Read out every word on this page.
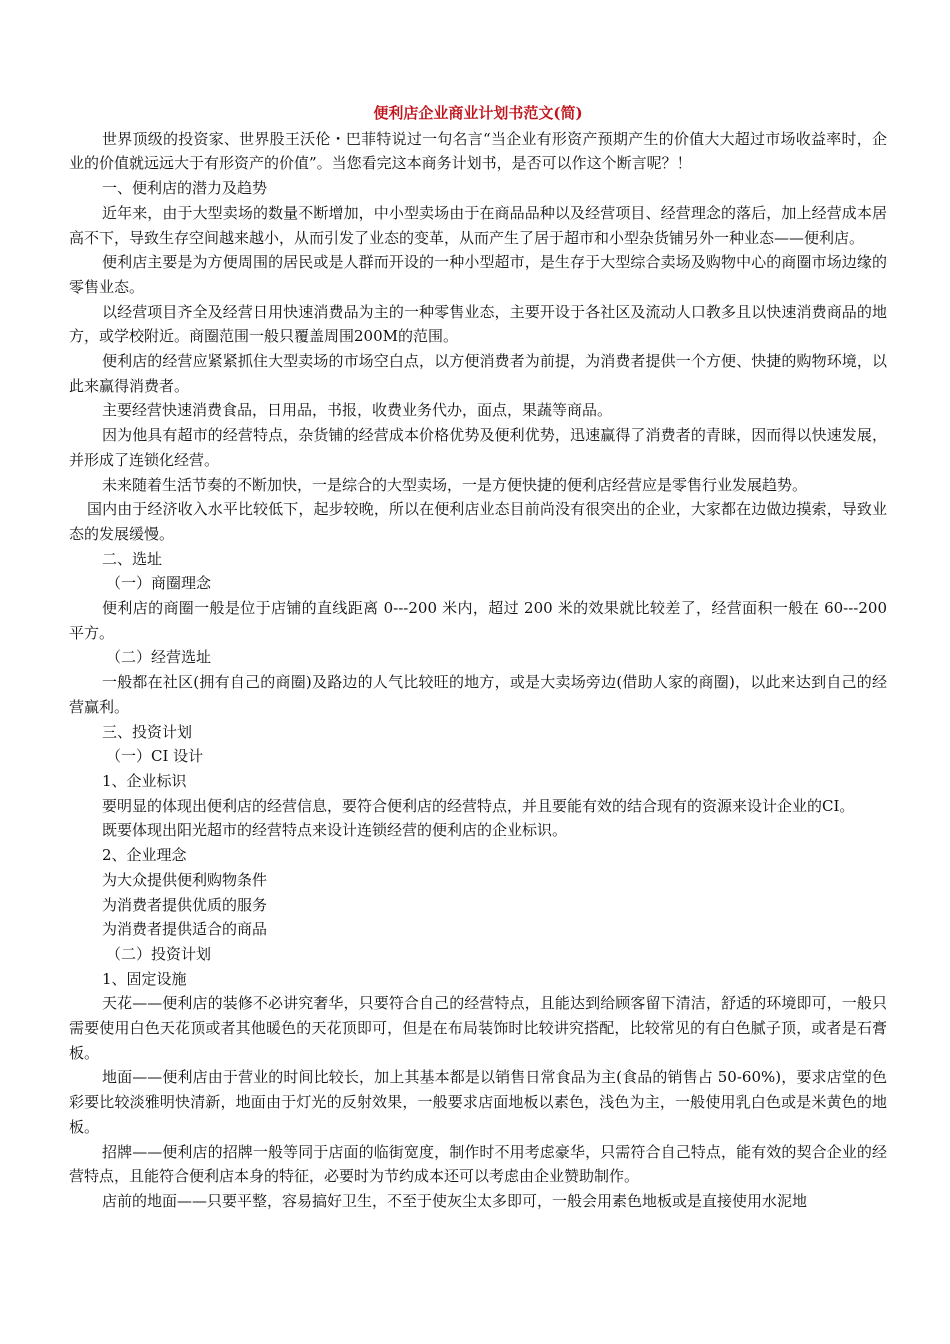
便利店企业商业计划书范文(简)

世界顶级的投资家、世界股王沃伦・巴菲特说过一句名言“当企业有形资产预期产生的价值大大超过市场收益率时，企业的价值就远远大于有形资产的价值”。当您看完这本商务计划书，是否可以作这个断言呢？！

一、便利店的潜力及趋势

近年来，由于大型卖场的数量不断增加，中小型卖场由于在商品品种以及经营项目、经营理念的落后，加上经营成本居高不下，导致生存空间越来越小，从而引发了业态的变革，从而产生了居于超市和小型杂货铺另外一种业态——便利店。

便利店主要是为方便周围的居民或是人群而开设的一种小型超市，是生存于大型综合卖场及购物中心的商圈市场边缘的零售业态。

以经营项目齐全及经营日用快速消费品为主的一种零售业态，主要开设于各社区及流动人口教多且以快速消费商品的地方，或学校附近。商圈范围一般只覆盖周围200M的范围。

便利店的经营应紧紧抓住大型卖场的市场空白点，以方便消费者为前提，为消费者提供一个方便、快捷的购物环境，以此来赢得消费者。

主要经营快速消费食品，日用品，书报，收费业务代办，面点，果蔬等商品。

因为他具有超市的经营特点，杂货铺的经营成本价格优势及便利优势，迅速赢得了消费者的青睐，因而得以快速发展，并形成了连锁化经营。

未来随着生活节奏的不断加快，一是综合的大型卖场，一是方便快捷的便利店经营应是零售行业发展趋势。

国内由于经济收入水平比较低下，起步较晚，所以在便利店业态目前尚没有很突出的企业，大家都在边做边摸索，导致业态的发展缓慢。

二、选址

（一）商圈理念

便利店的商圈一般是位于店铺的直线距离 0---200 米内，超过 200 米的效果就比较差了，经营面积一般在 60---200 平方。

（二）经营选址

一般都在社区(拥有自己的商圈)及路边的人气比较旺的地方，或是大卖场旁边(借助人家的商圈)，以此来达到自己的经营赢利。

三、投资计划

（一）CI 设计

1、企业标识

要明显的体现出便利店的经营信息，要符合便利店的经营特点，并且要能有效的结合现有的资源来设计企业的CI。

既要体现出阳光超市的经营特点来设计连锁经营的便利店的企业标识。

2、企业理念

为大众提供便利购物条件

为消费者提供优质的服务

为消费者提供适合的商品

（二）投资计划

1、固定设施

天花——便利店的装修不必讲究奢华，只要符合自己的经营特点，且能达到给顾客留下清洁，舒适的环境即可，一般只需要使用白色天花顶或者其他暖色的天花顶即可，但是在布局装饰时比较讲究搭配，比较常见的有白色腻子顶，或者是石膏板。

地面——便利店由于营业的时间比较长，加上其基本都是以销售日常食品为主(食品的销售占 50-60%)，要求店堂的色彩要比较淡雅明快清新，地面由于灯光的反射效果，一般要求店面地板以素色，浅色为主，一般使用乳白色或是米黄色的地板。

招牌——便利店的招牌一般等同于店面的临街宽度，制作时不用考虑豪华，只需符合自己特点，能有效的契合企业的经营特点，且能符合便利店本身的特征，必要时为节约成本还可以考虑由企业赞助制作。

店前的地面——只要平整，容易搞好卫生，不至于使灰尘太多即可，一般会用素色地板或是直接使用水泥地
